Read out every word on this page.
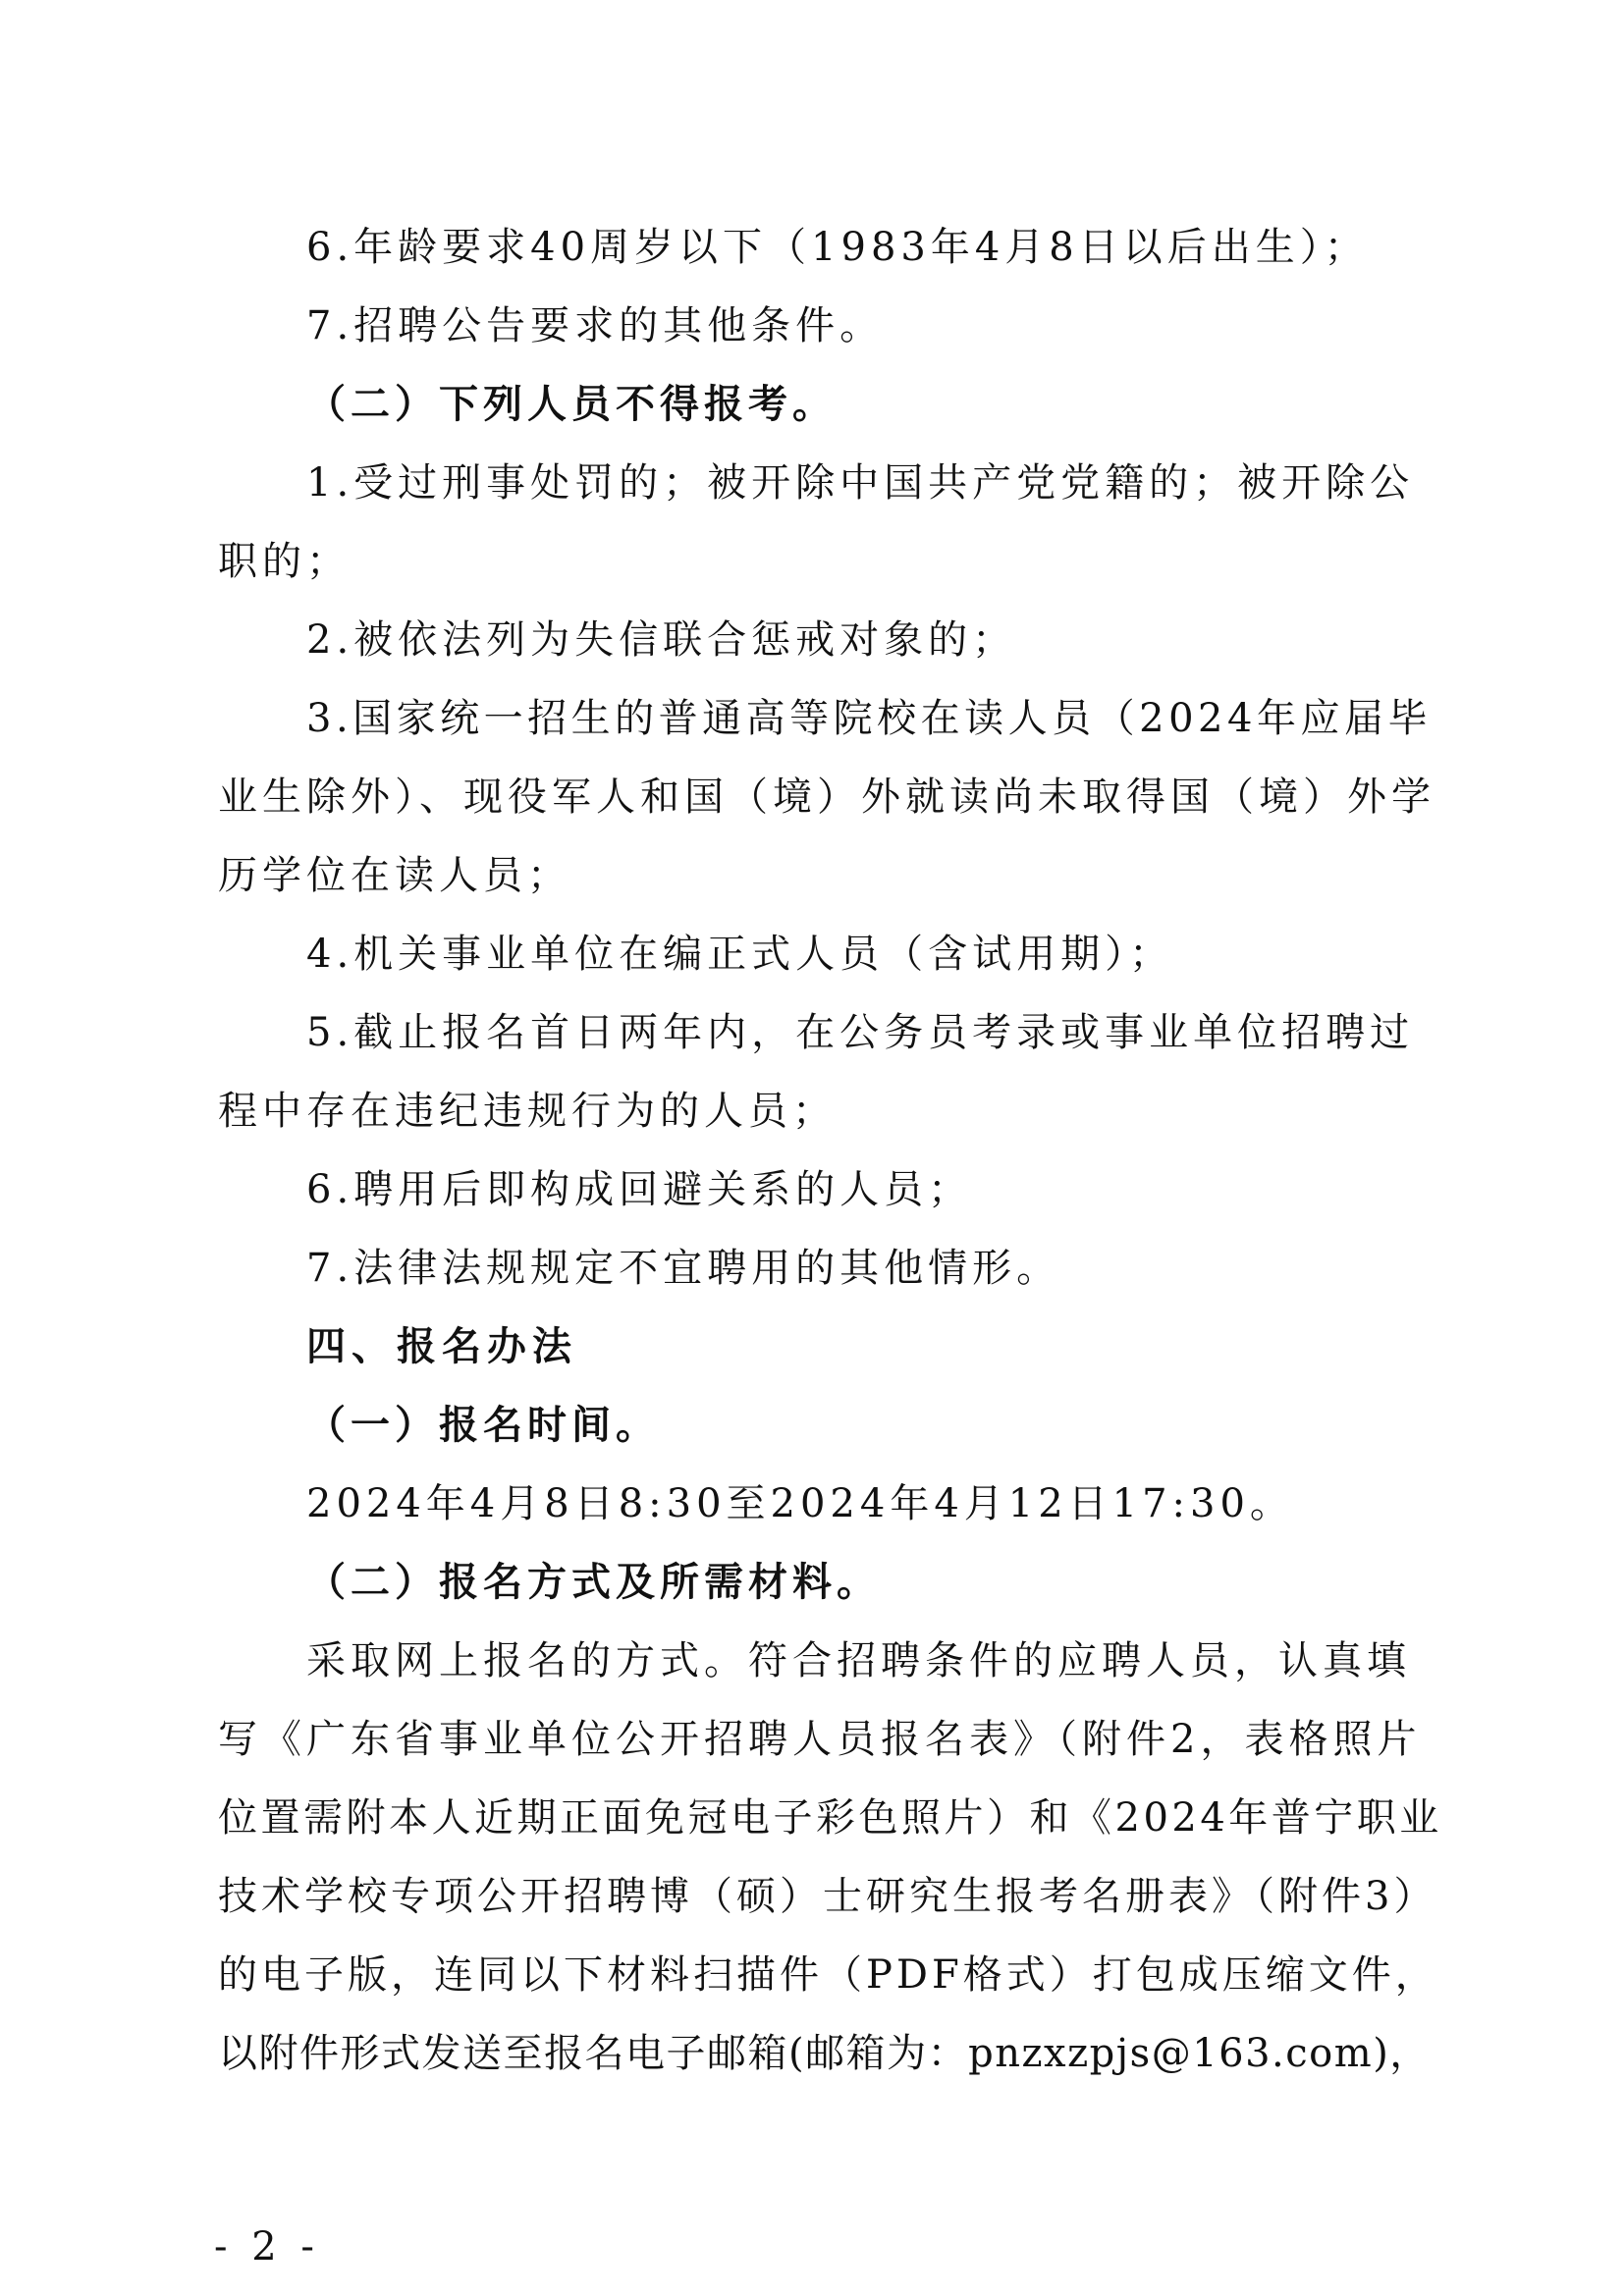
6.年龄要求40周岁以下（1983年4月8日以后出生）；
7.招聘公告要求的其他条件。
（二）下列人员不得报考。
1.受过刑事处罚的；被开除中国共产党党籍的；被开除公
职的；
2.被依法列为失信联合惩戒对象的；
3.国家统一招生的普通高等院校在读人员（2024年应届毕
业生除外）、现役军人和国（境）外就读尚未取得国（境）外学
历学位在读人员；
4.机关事业单位在编正式人员（含试用期）；
5.截止报名首日两年内，在公务员考录或事业单位招聘过
程中存在违纪违规行为的人员；
6.聘用后即构成回避关系的人员；
7.法律法规规定不宜聘用的其他情形。
四、报名办法
（一）报名时间。
2024年4月8日8:30至2024年4月12日17:30。
（二）报名方式及所需材料。
采取网上报名的方式。符合招聘条件的应聘人员，认真填
写《广东省事业单位公开招聘人员报名表》（附件2，表格照片
位置需附本人近期正面免冠电子彩色照片）和《2024年普宁职业
技术学校专项公开招聘博（硕）士研究生报考名册表》（附件3）
的电子版，连同以下材料扫描件（PDF格式）打包成压缩文件，
以附件形式发送至报名电子邮箱(邮箱为：pnzxzpjs@163.com)，
- 2 -
